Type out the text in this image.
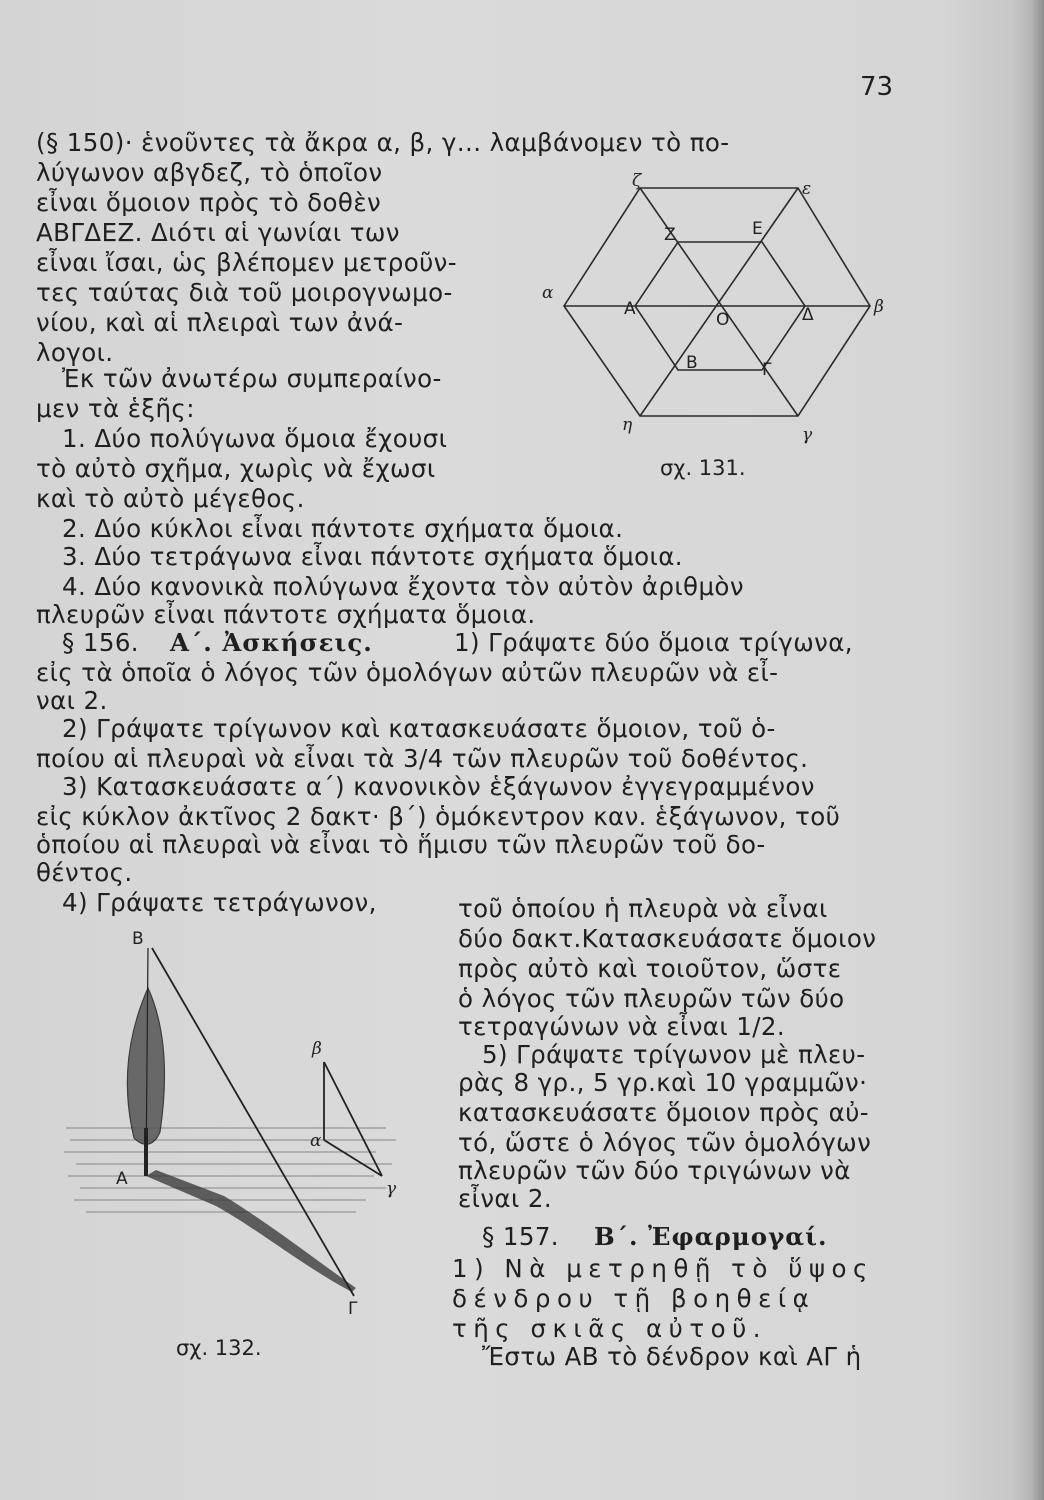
73
(§ 150)· ἑνοῦντες τὰ ἄκρα α, β, γ... λαμβάνομεν τὸ πο-
λύγωνον αβγδεζ, τὸ ὁποῖον
εἶναι ὅμοιον πρὸς τὸ δοθὲν
ΑΒΓΔΕΖ. Διότι αἱ γωνίαι των
εἶναι ἴσαι, ὡς βλέπομεν μετροῦν-
τες ταύτας διὰ τοῦ μοιρογνωμο-
νίου, καὶ αἱ πλειραὶ των ἀνά-
λογοι.
Ἐκ τῶν ἀνωτέρω συμπεραίνο-
μεν τὰ ἑξῆς:
1. Δύο πολύγωνα ὅμοια ἔχουσι
τὸ αὐτὸ σχῆμα, χωρὶς νὰ ἔχωσι
καὶ τὸ αὐτὸ μέγεθος.
2. Δύο κύκλοι εἶναι πάντοτε σχήματα ὅμοια.
3. Δύο τετράγωνα εἶναι πάντοτε σχήματα ὅμοια.
4. Δύο κανονικὰ πολύγωνα ἔχοντα τὸν αὐτὸν ἀριθμὸν
πλευρῶν εἶναι πάντοτε σχήματα ὅμοια.
§ 156. Α΄. Ἀσκήσεις.	1) Γράψατε δύο ὅμοια τρίγωνα,
εἰς τὰ ὁποῖα ὁ λόγος τῶν ὁμολόγων αὐτῶν πλευρῶν νὰ εἶ-
ναι 2.
2) Γράψατε τρίγωνον καὶ κατασκευάσατε ὅμοιον, τοῦ ὁ-
ποίου αἱ πλευραὶ νὰ εἶναι τὰ 3/4 τῶν πλευρῶν τοῦ δοθέντος.
3) Κατασκευάσατε α΄) κανονικὸν ἑξάγωνον ἐγγεγραμμένον
εἰς κύκλον ἀκτῖνος 2 δακτ· β΄) ὁμόκεντρον καν. ἑξάγωνον, τοῦ
ὁποίου αἱ πλευραὶ νὰ εἶναι τὸ ἥμισυ τῶν πλευρῶν τοῦ δο-
θέντος.
4) Γράψατε τετράγωνον,	τοῦ ὁποίου ἡ πλευρὰ νὰ εἶναι
δύο δακτ.Κατασκευάσατε ὅμοιον
πρὸς αὐτὸ καὶ τοιοῦτον, ὥστε
ὁ λόγος τῶν πλευρῶν τῶν δύο
τετραγώνων νὰ εἶναι 1/2.
5) Γράψατε τρίγωνον μὲ πλευ-
ρὰς 8 γρ., 5 γρ.καὶ 10 γραμμῶν·
κατασκευάσατε ὅμοιον πρὸς αὐ-
τό, ὥστε ὁ λόγος τῶν ὁμολόγων
πλευρῶν τῶν δύο τριγώνων νὰ
εἶναι 2.
§ 157. Β΄. Ἐφαρμογαί.
1) Νὰ μετρηθῇ τὸ ὕψος
δένδρου τῇ βοηθείᾳ
τῆς σκιᾶς αὐτοῦ.
Ἔστω ΑΒ τὸ δένδρον καὶ ΑΓ ἡ
ζ	ε
α
β
η	γ
Ζ	Ε
Α
Ο	Δ
Β	Γ
σχ. 131.
Β
Α
Γ
β
α
γ
σχ. 132.
